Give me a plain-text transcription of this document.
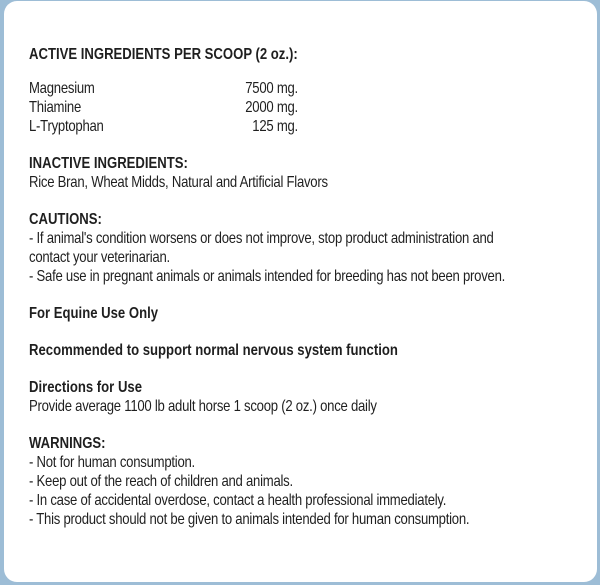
ACTIVE INGREDIENTS PER SCOOP (2 oz.):
Magnesium	7500 mg.
Thiamine	2000 mg.
L-Tryptophan	125 mg.
INACTIVE INGREDIENTS:
Rice Bran, Wheat Midds, Natural and Artificial Flavors
CAUTIONS:
- If animal's condition worsens or does not improve, stop product administration and
contact your veterinarian.
- Safe use in pregnant animals or animals intended for breeding has not been proven.
For Equine Use Only
Recommended to support normal nervous system function
Directions for Use
Provide average 1100 lb adult horse 1 scoop (2 oz.) once daily
WARNINGS:
- Not for human consumption.
- Keep out of the reach of children and animals.
- In case of accidental overdose, contact a health professional immediately.
- This product should not be given to animals intended for human consumption.
